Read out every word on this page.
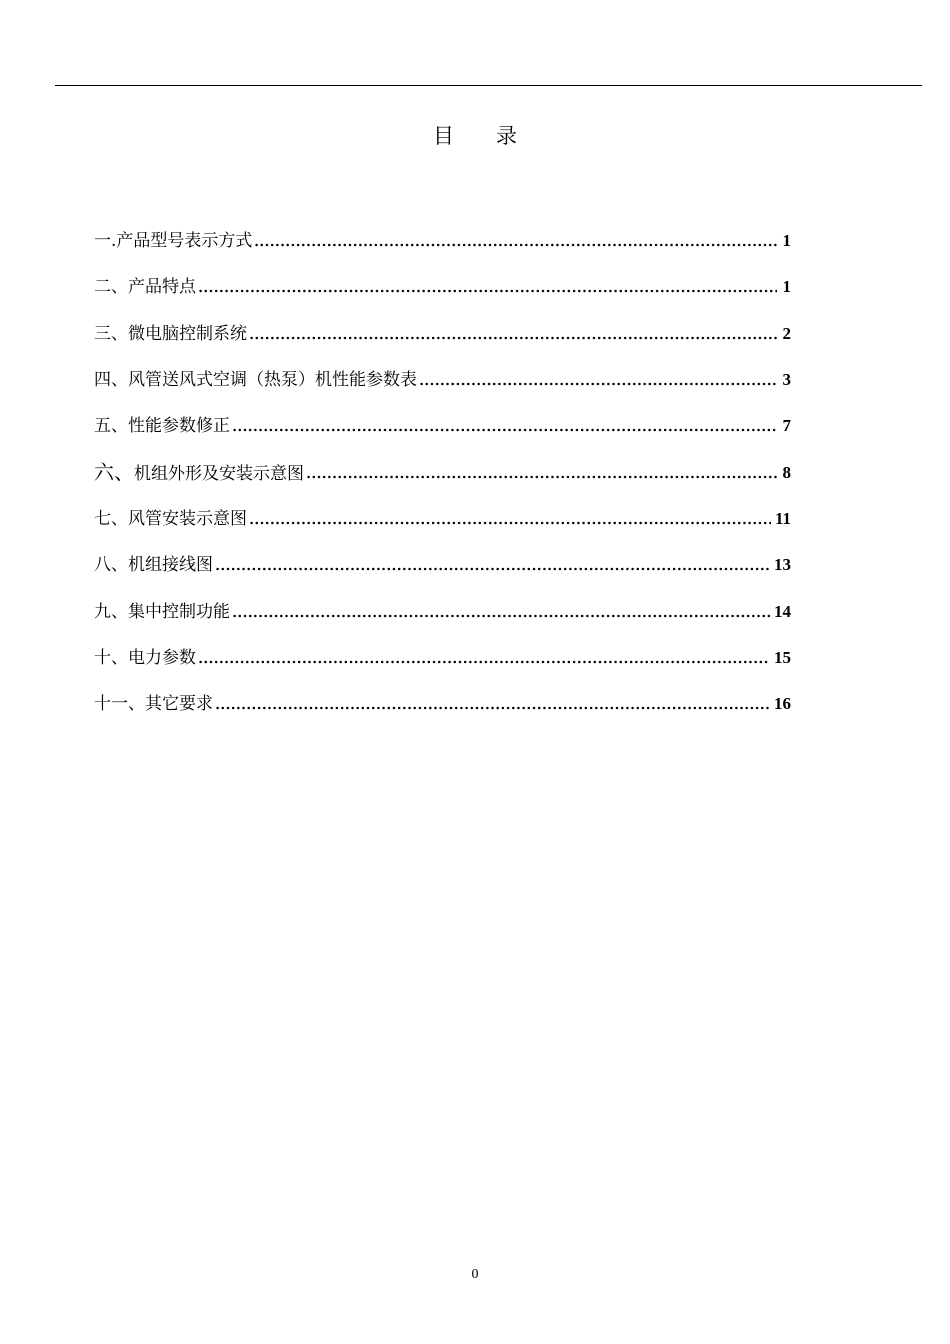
目 录
一.产品型号表示方式	1
二、产品特点	1
三、微电脑控制系统	2
四、风管送风式空调（热泵）机性能参数表	3
五、性能参数修正	7
六、机组外形及安装示意图	8
七、风管安装示意图	11
八、机组接线图	13
九、集中控制功能	14
十、电力参数	15
十一、其它要求	16
0
